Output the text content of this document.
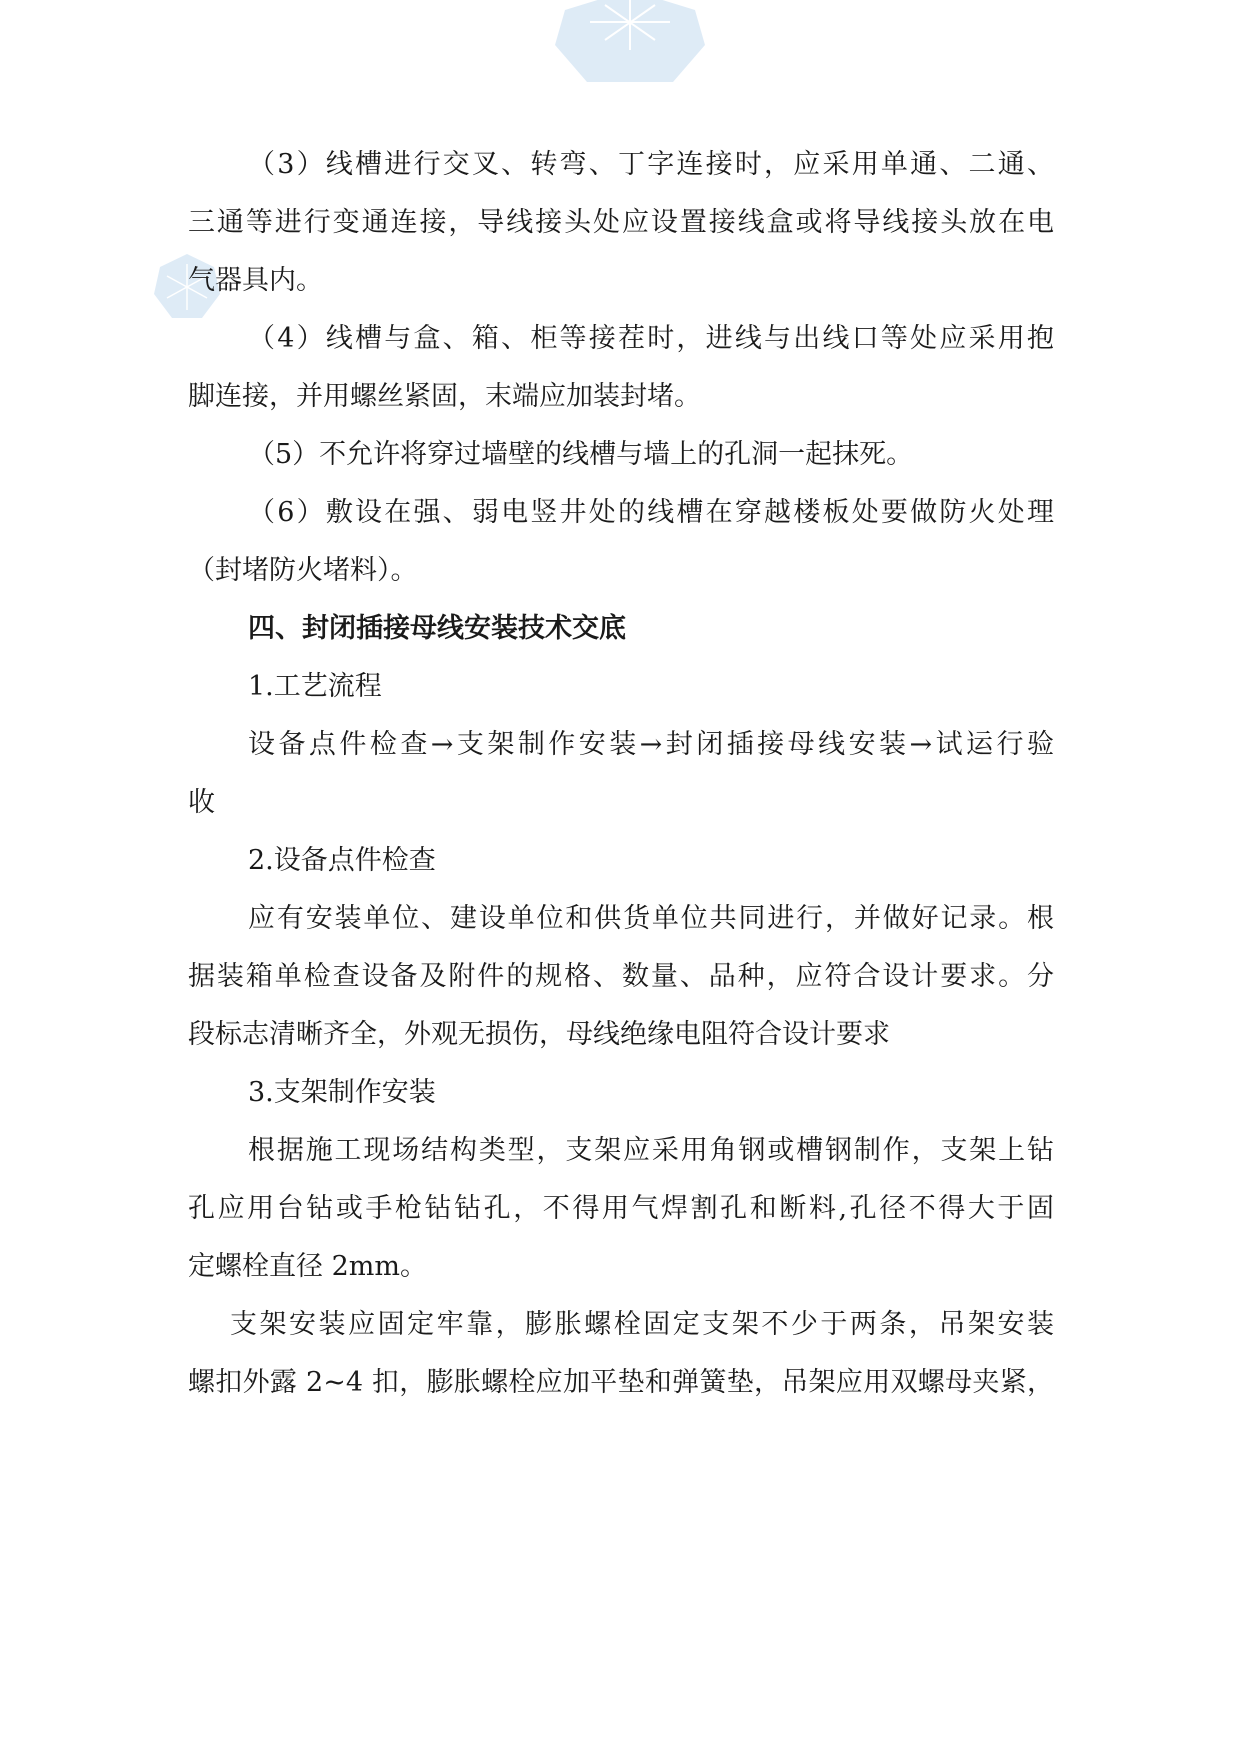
（3）线槽进行交叉、转弯、丁字连接时，应采用单通、二通、
三通等进行变通连接，导线接头处应设置接线盒或将导线接头放在电
气器具内。
（4）线槽与盒、箱、柜等接茬时，进线与出线口等处应采用抱
脚连接，并用螺丝紧固，末端应加装封堵。
（5）不允许将穿过墙壁的线槽与墙上的孔洞一起抹死。
（6）敷设在强、弱电竖井处的线槽在穿越楼板处要做防火处理
（封堵防火堵料）。
四、封闭插接母线安装技术交底
1.工艺流程
设备点件检查→支架制作安装→封闭插接母线安装→试运行验
收
2.设备点件检查
应有安装单位、建设单位和供货单位共同进行，并做好记录。根
据装箱单检查设备及附件的规格、数量、品种，应符合设计要求。分
段标志清晰齐全，外观无损伤，母线绝缘电阻符合设计要求
3.支架制作安装
根据施工现场结构类型，支架应采用角钢或槽钢制作，支架上钻
孔应用台钻或手枪钻钻孔，不得用气焊割孔和断料,孔径不得大于固
定螺栓直径 2mm。
支架安装应固定牢靠，膨胀螺栓固定支架不少于两条，吊架安装
螺扣外露 2~4 扣，膨胀螺栓应加平垫和弹簧垫，吊架应用双螺母夹紧，
